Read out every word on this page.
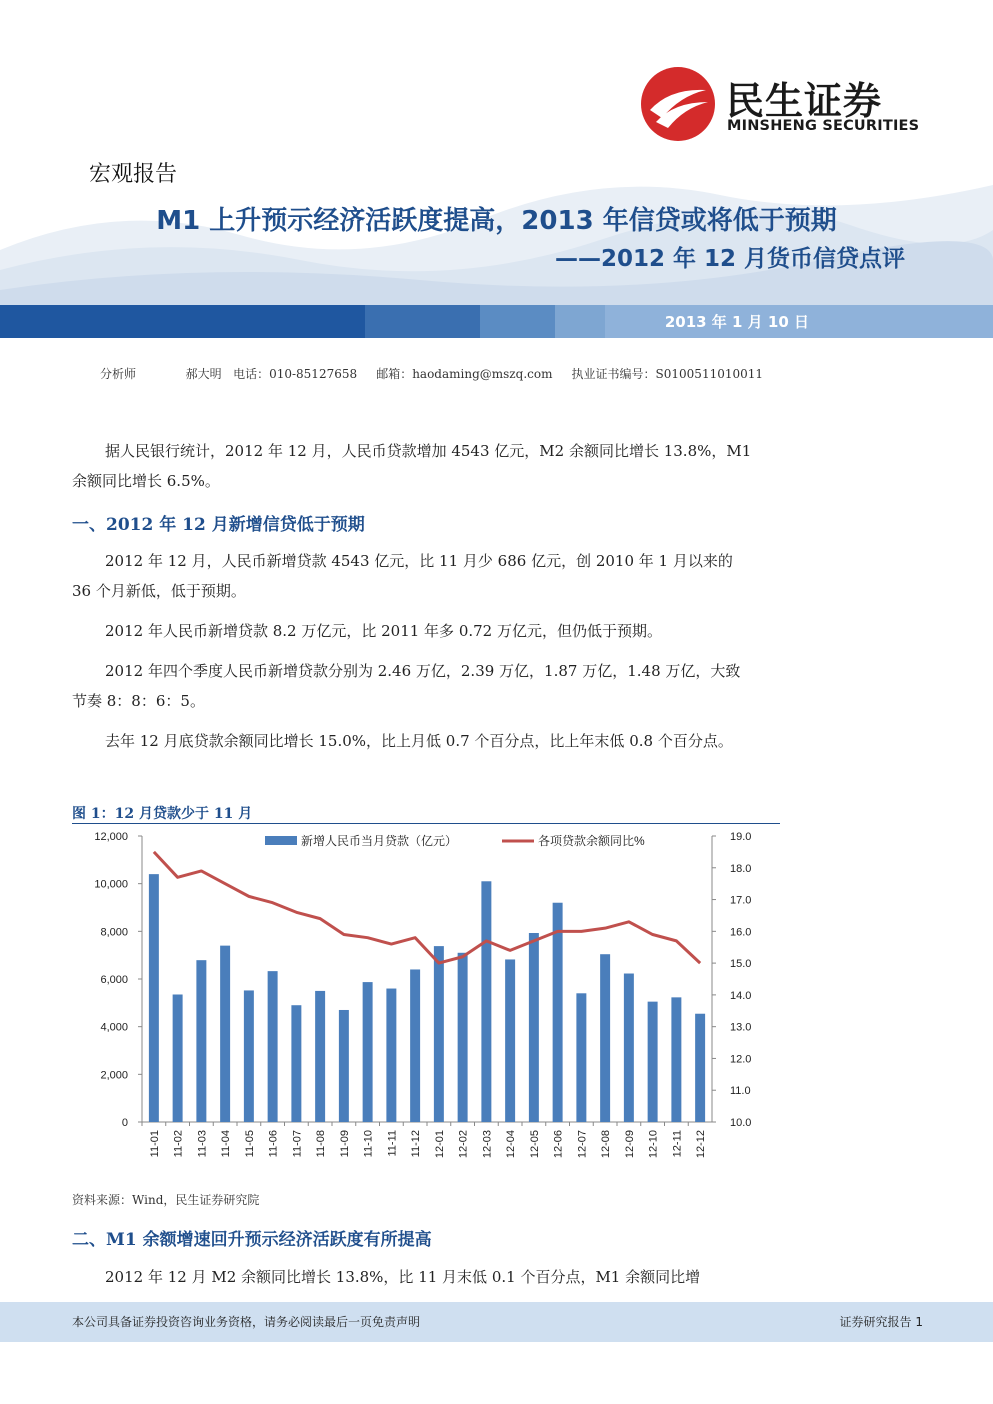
民生证券
MINSHENG SECURITIES
宏观报告
M1 上升预示经济活跃度提高，2013 年信贷或将低于预期
——2012 年 12 月货币信贷点评
2013 年 1 月 10 日
分析师	郝大明 电话：010-85127658 邮箱：haodaming@mszq.com 执业证书编号：S0100511010011
据人民银行统计，2012 年 12 月，人民币贷款增加 4543 亿元，M2 余额同比增长 13.8%，M1 余额同比增长 6.5%。
一、2012 年 12 月新增信贷低于预期
2012 年 12 月，人民币新增贷款 4543 亿元，比 11 月少 686 亿元，创 2010 年 1 月以来的 36 个月新低，低于预期。
2012 年人民币新增贷款 8.2 万亿元，比 2011 年多 0.72 万亿元，但仍低于预期。
2012 年四个季度人民币新增贷款分别为 2.46 万亿，2.39 万亿，1.87 万亿，1.48 万亿，大致节奏 8：8：6：5。
去年 12 月底贷款余额同比增长 15.0%，比上月低 0.7 个百分点，比上年末低 0.8 个百分点。
图 1：12 月贷款少于 11 月
0
2,000
4,000
6,000
8,000
10,000
12,000
10.0
11.0
12.0
13.0
14.0
15.0
16.0
17.0
18.0
19.0
11-01 11-02 11-03 11-04 11-05 11-06 11-07 11-08 11-09 11-10 11-11 11-12 12-01 12-02 12-03 12-04 12-05 12-06 12-07 12-08 12-09 12-10 12-11 12-12
新增人民币当月贷款（亿元）	各项贷款余额同比%
资料来源：Wind，民生证券研究院
二、M1 余额增速回升预示经济活跃度有所提高
2012 年 12 月 M2 余额同比增长 13.8%，比 11 月末低 0.1 个百分点，M1 余额同比增
本公司具备证券投资咨询业务资格，请务必阅读最后一页免责声明	证券研究报告 1
